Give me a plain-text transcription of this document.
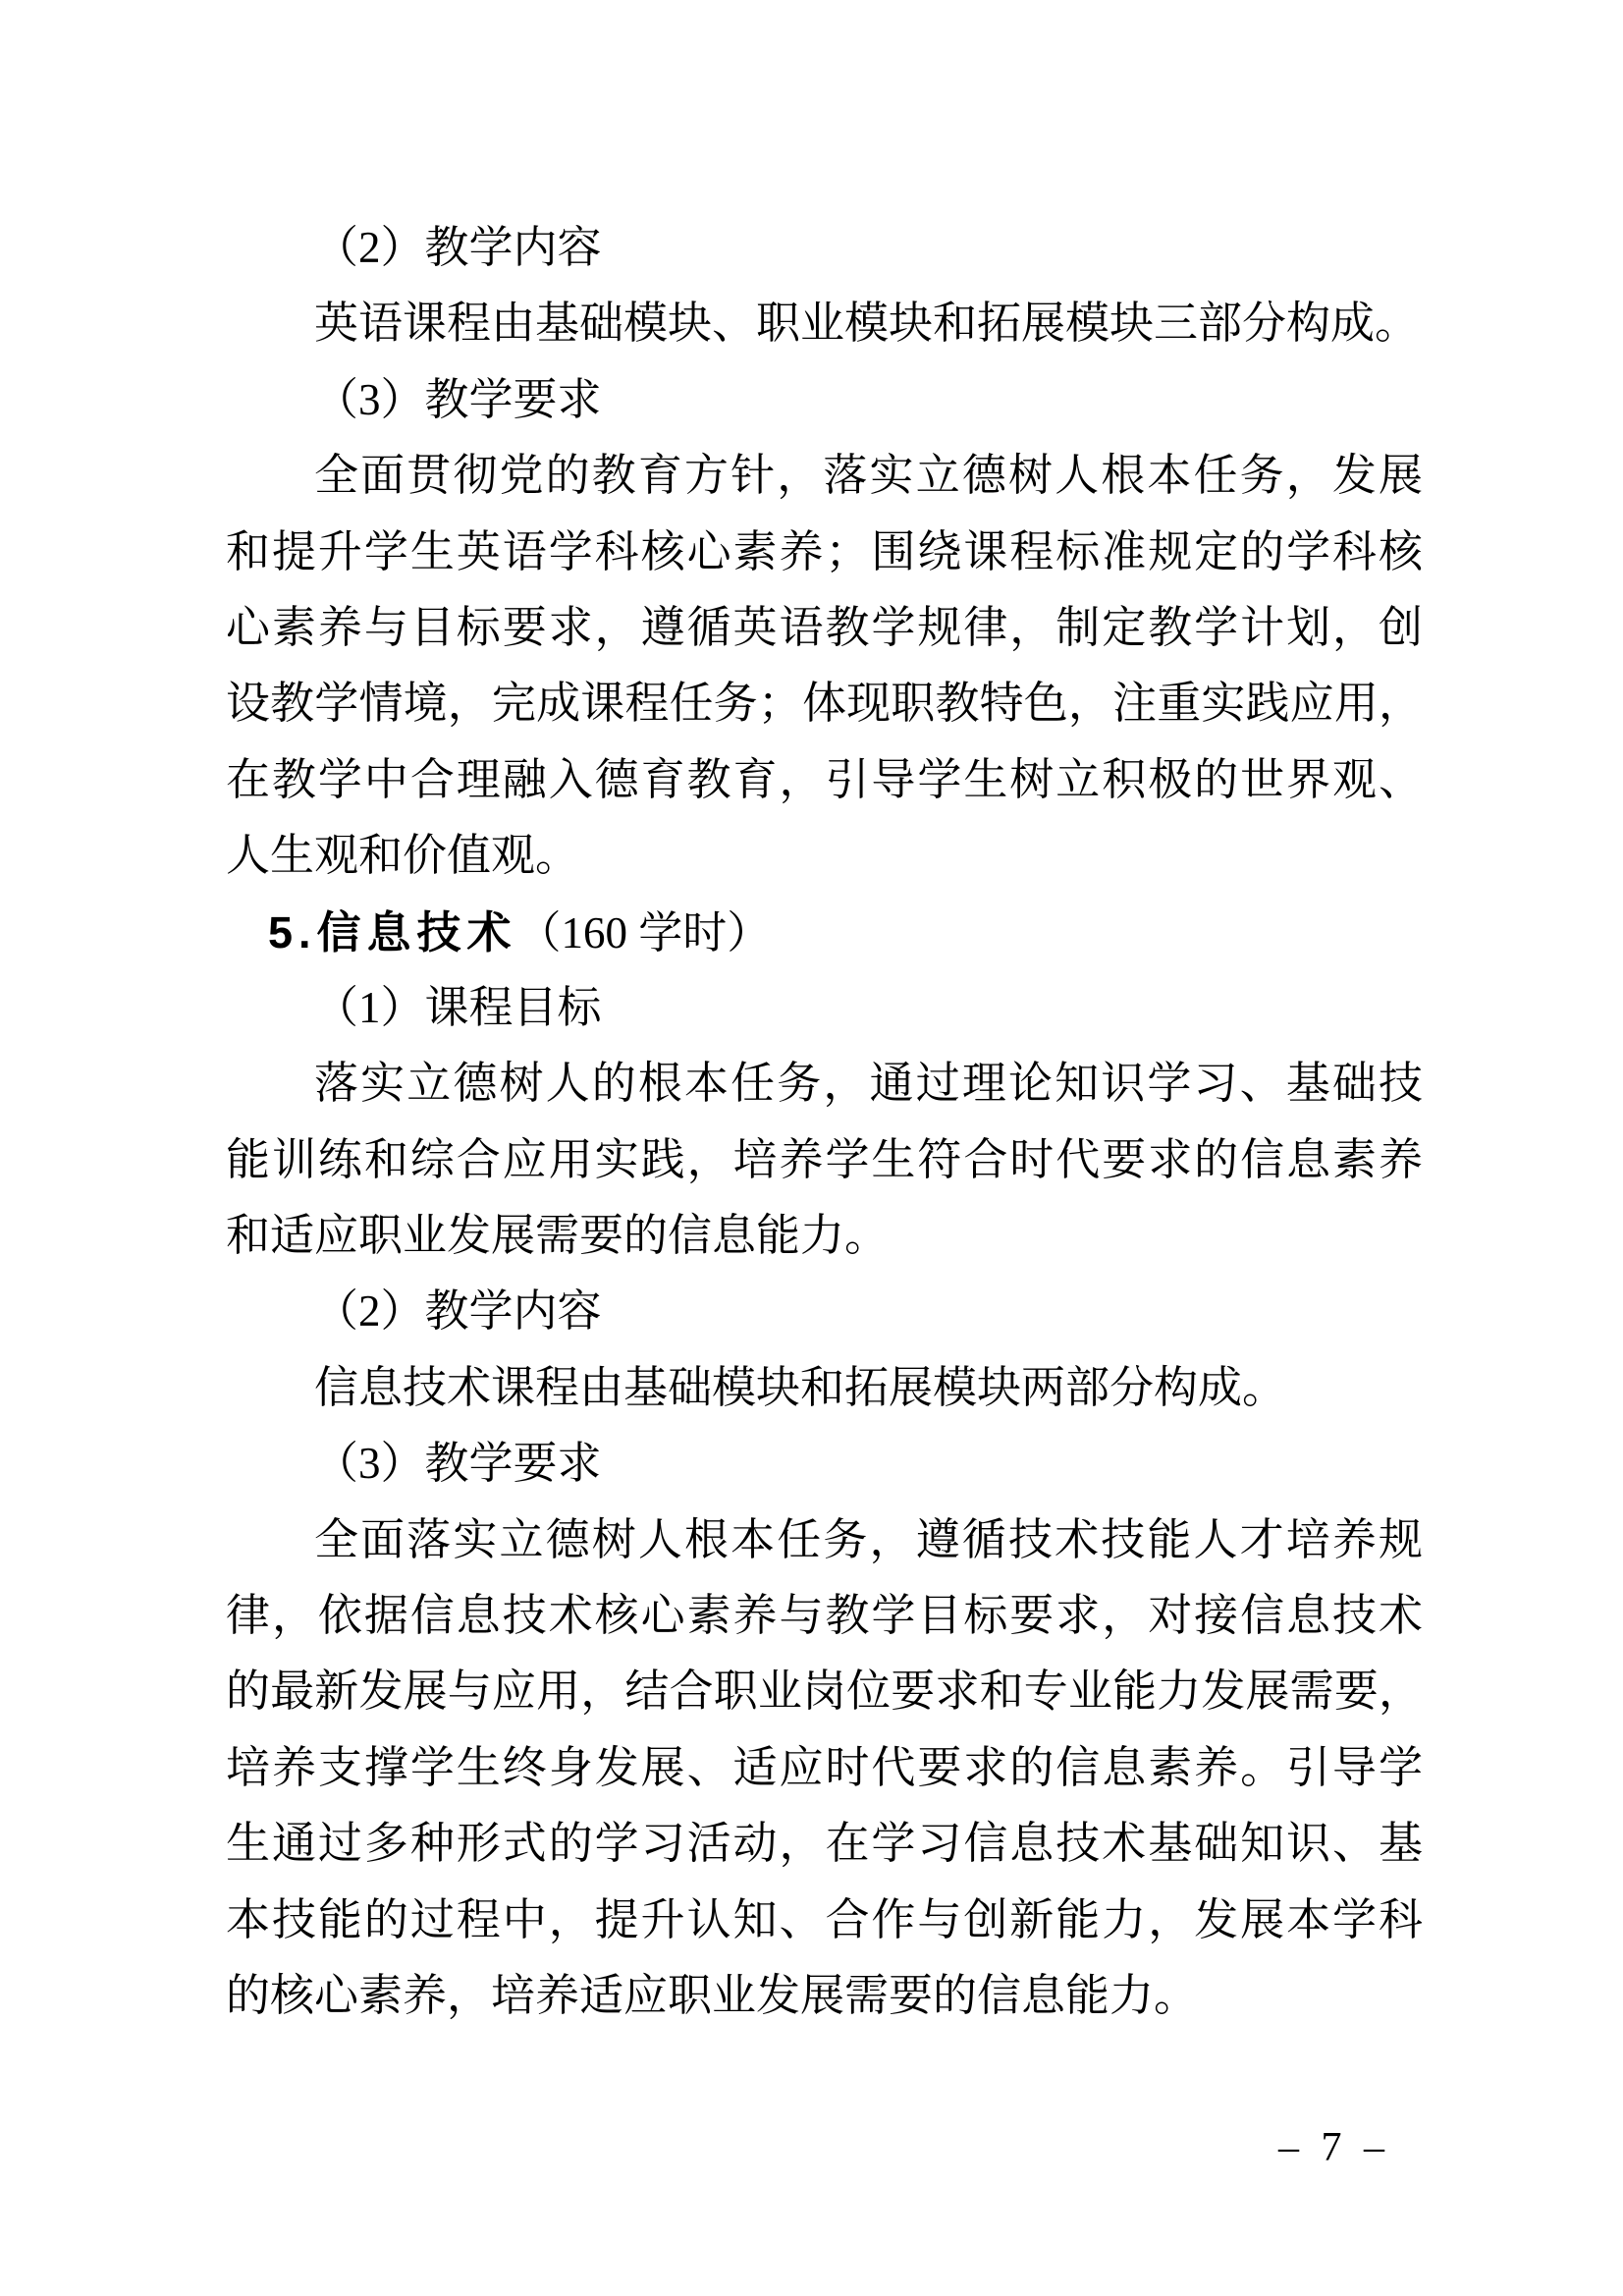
（2）教学内容
英语课程由基础模块、职业模块和拓展模块三部分构成。
（3）教学要求
全面贯彻党的教育方针，落实立德树人根本任务，发展
和提升学生英语学科核心素养；围绕课程标准规定的学科核
心素养与目标要求，遵循英语教学规律，制定教学计划，创
设教学情境，完成课程任务；体现职教特色，注重实践应用，
在教学中合理融入德育教育，引导学生树立积极的世界观、
人生观和价值观。
5.信息技术（160 学时）
（1）课程目标
落实立德树人的根本任务，通过理论知识学习、基础技
能训练和综合应用实践，培养学生符合时代要求的信息素养
和适应职业发展需要的信息能力。
（2）教学内容
信息技术课程由基础模块和拓展模块两部分构成。
（3）教学要求
全面落实立德树人根本任务，遵循技术技能人才培养规
律，依据信息技术核心素养与教学目标要求，对接信息技术
的最新发展与应用，结合职业岗位要求和专业能力发展需要，
培养支撑学生终身发展、适应时代要求的信息素养。引导学
生通过多种形式的学习活动，在学习信息技术基础知识、基
本技能的过程中，提升认知、合作与创新能力，发展本学科
的核心素养，培养适应职业发展需要的信息能力。
– 7 –
